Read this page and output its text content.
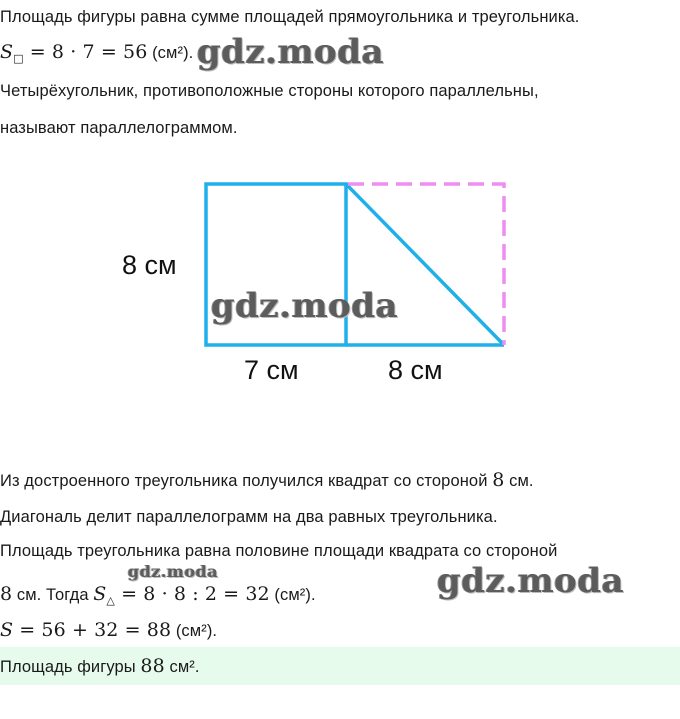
Площадь фигуры равна сумме площадей прямоугольника и треугольника.
$S_□ = 8 \cdot 7 = 56$ (см²).
Четырёхугольник, противоположные стороны которого параллельны,
называют параллелограммом.
8 см
7 см	8 см
Из достроенного треугольника получился квадрат со стороной 8 см.
Диагональ делит параллелограмм на два равных треугольника.
Площадь треугольника равна половине площади квадрата со стороной
8 см. Тогда $S_\triangle = 8 \cdot 8$ : 2 = 32 (см²).
S = 56 + 32 = 88 (см²).
Площадь фигуры 88 см².
gdz.moda
gdz.moda
gdz.moda	gdz.moda
